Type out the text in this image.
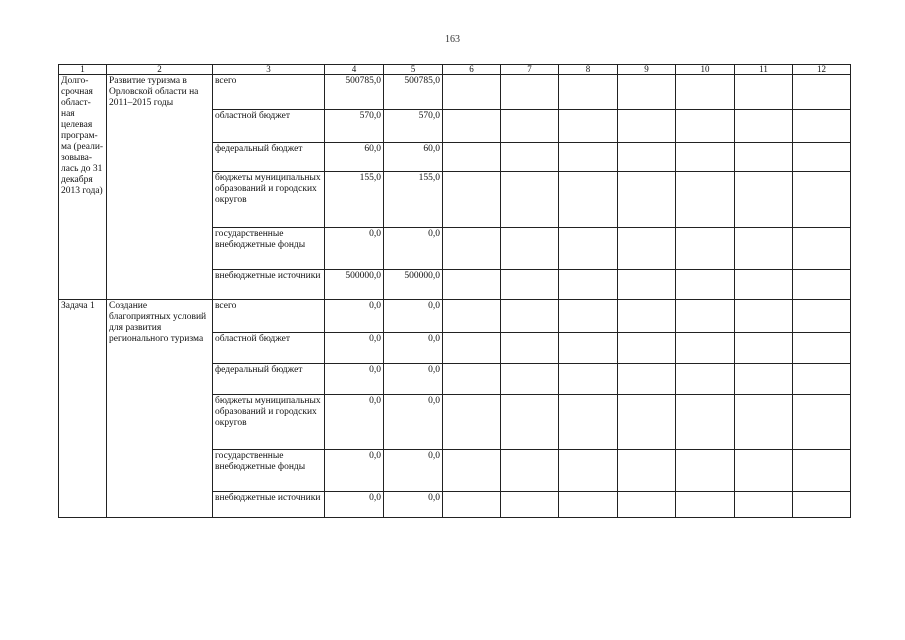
163
1	2	3	4	5	6	7	8	9	10	11	12
Долго-срочная област-ная целевая програм-ма (реали-зовыва-лась до 31 декабря 2013 года)	Развитие туризма в Орловской области на 2011–2015 годы	всего	500785,0	500785,0							
		областной бюджет	570,0	570,0							
		федеральный бюджет	60,0	60,0							
		бюджеты муниципальных образований и городских округов	155,0	155,0							
		государственные внебюджетные фонды	0,0	0,0							
		внебюджетные источники	500000,0	500000,0							
Задача 1	Создание благоприятных условий для развития регионального туризма	всего	0,0	0,0							
		областной бюджет	0,0	0,0							
		федеральный бюджет	0,0	0,0							
		бюджеты муниципальных образований и городских округов	0,0	0,0							
		государственные внебюджетные фонды	0,0	0,0							
		внебюджетные источники	0,0	0,0							
